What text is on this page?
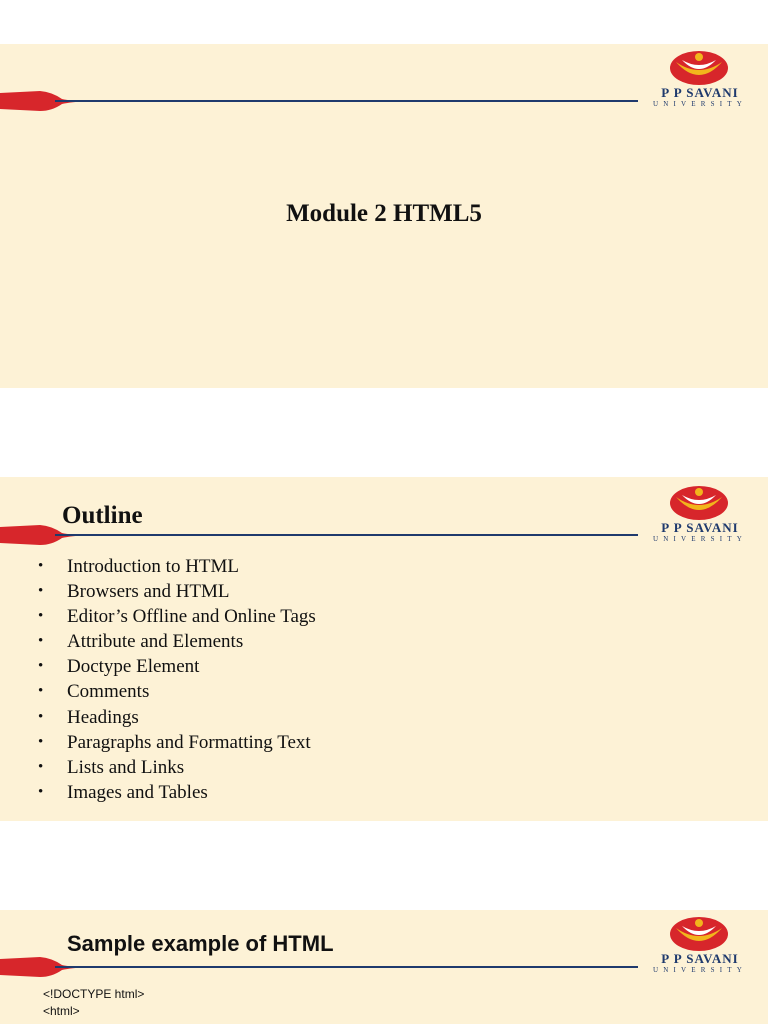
P P SAVANI
UNIVERSITY
Module 2 HTML5
P P SAVANI
UNIVERSITY
Outline
• Introduction to HTML
• Browsers and HTML
• Editor’s Offline and Online Tags
• Attribute and Elements
• Doctype Element
• Comments
• Headings
• Paragraphs and Formatting Text
• Lists and Links
• Images and Tables
P P SAVANI
UNIVERSITY
Sample example of HTML
<!DOCTYPE html>
<html>
